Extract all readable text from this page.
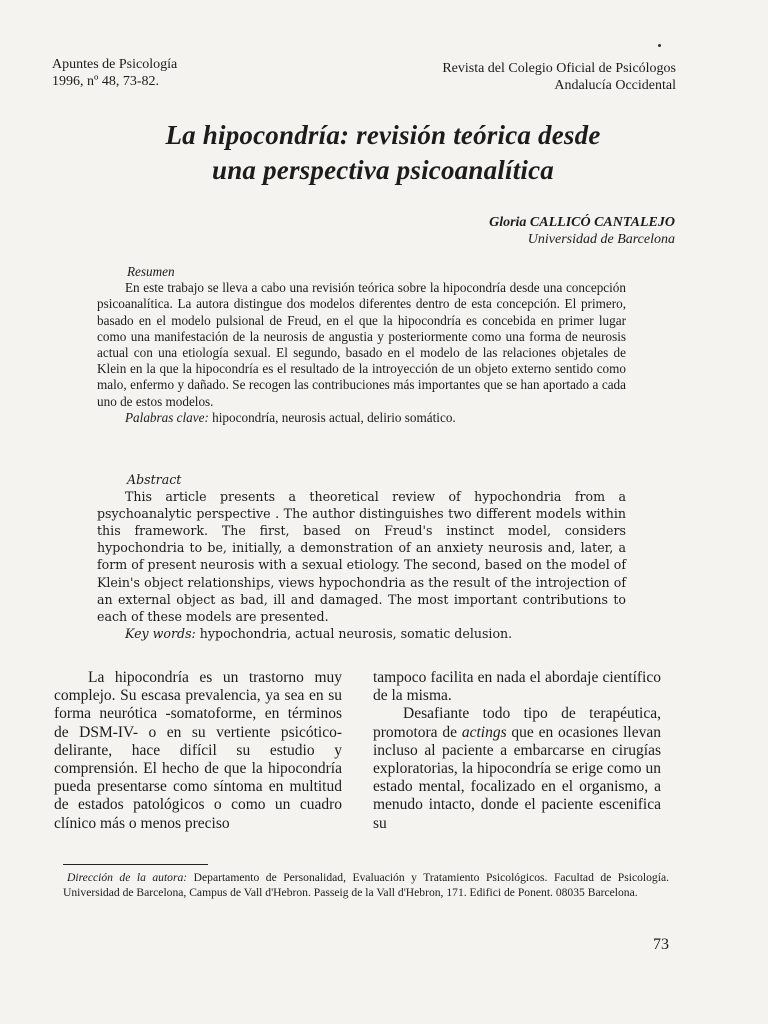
Apuntes de Psicología
1996, nº 48, 73-82.
Revista del Colegio Oficial de Psicólogos
Andalucía Occidental
La hipocondría: revisión teórica desde
una perspectiva psicoanalítica
Gloria CALLICÓ CANTALEJO
Universidad de Barcelona
Resumen
En este trabajo se lleva a cabo una revisión teórica sobre la hipocondría desde una concepción psicoanalítica. La autora distingue dos modelos diferentes dentro de esta concepción. El primero, basado en el modelo pulsional de Freud, en el que la hipocondría es concebida en primer lugar como una manifestación de la neurosis de angustia y posteriormente como una forma de neurosis actual con una etiología sexual. El segundo, basado en el modelo de las relaciones objetales de Klein en la que la hipocondría es el resultado de la introyección de un objeto externo sentido como malo, enfermo y dañado. Se recogen las contribuciones más importantes que se han aportado a cada uno de estos modelos.
Palabras clave: hipocondría, neurosis actual, delirio somático.
Abstract
This article presents a theoretical review of hypochondria from a psychoanalytic perspective . The author distinguishes two different models within this framework. The first, based on Freud's instinct model, considers hypochondria to be, initially, a demonstration of an anxiety neurosis and, later, a form of present neurosis with a sexual etiology. The second, based on the model of Klein's object relationships, views hypochondria as the result of the introjection of an external object as bad, ill and damaged. The most important contributions to each of these models are presented.
Key words: hypochondria, actual neurosis, somatic delusion.

La hipocondría es un trastorno muy complejo. Su escasa prevalencia, ya sea en su forma neurótica -somatoforme, en términos de DSM-IV- o en su vertiente psicótico-delirante, hace difícil su estudio y comprensión. El hecho de que la hipocondría pueda presentarse como síntoma en multitud de estados patológicos o como un cuadro clínico más o menos preciso

tampoco facilita en nada el abordaje científico de la misma.

Desafiante todo tipo de terapéutica, promotora de actings que en ocasiones llevan incluso al paciente a embarcarse en cirugías exploratorias, la hipocondría se erige como un estado mental, focalizado en el organismo, a menudo intacto, donde el paciente escenifica su

Dirección de la autora: Departamento de Personalidad, Evaluación y Tratamiento Psicológicos. Facultad de Psicología. Universidad de Barcelona, Campus de Vall d'Hebron. Passeig de la Vall d'Hebron, 171. Edifici de Ponent. 08035 Barcelona.
73
